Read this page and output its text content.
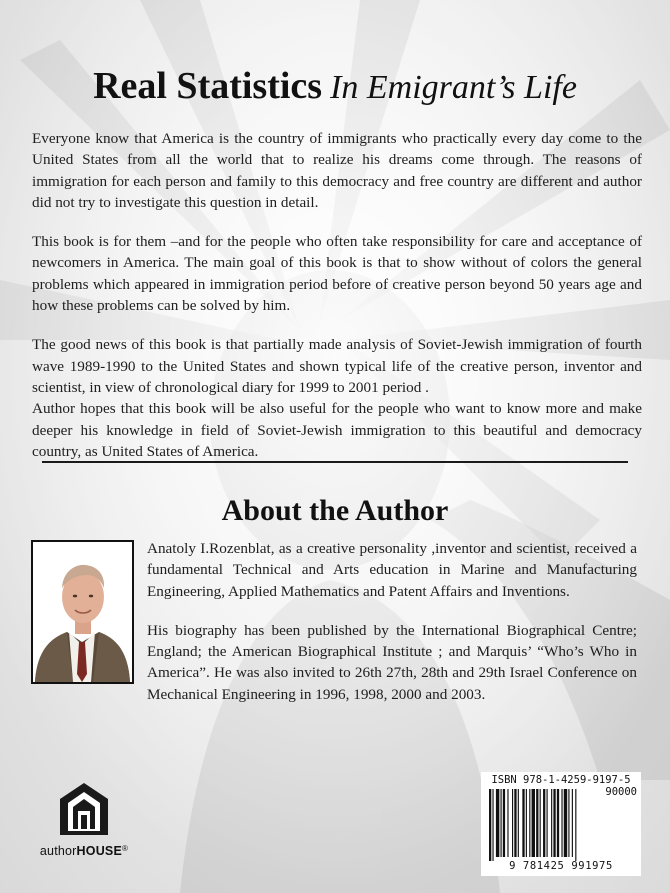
Real Statistics In Emigrant’s Life

Everyone know that America is the country of immigrants who practically every day come to the United States from all the world that to realize his dreams come through. The reasons of immigration for each person and family to this democracy and free country are different and author did not try to investigate this question in detail.

This book is for them –and for the people who often take responsibility for care and acceptance of newcomers in America. The main goal of this book is that to show without of colors the general problems which appeared in immigration period before of creative person beyond 50 years age and how these problems can be solved by him.

The good news of this book is that partially made analysis of Soviet-Jewish immigration of fourth wave 1989-1990 to the United States and shown typical life of the creative person, inventor and scientist, in view of chronological diary for 1999 to 2001 period .

Author hopes that this book will be also useful for the people who want to know more and make deeper his knowledge in field of Soviet-Jewish immigration to this beautiful and democracy country, as United States of America.

About the Author

Anatoly I.Rozenblat, as a creative personality ,inventor and scientist, received a fundamental Technical and Arts education in Marine and Manufacturing Engineering, Applied Mathematics and Patent Affairs and Inventions.

His biography has been published by the International Biographical Centre; England; the American Biographical Institute ; and Marquis’ “Who’s Who in America”. He was also invited to 26th 27th, 28th and 29th Israel Conference on Mechanical Engineering in 1996, 1998, 2000 and 2003.

authorHOUSE®
ISBN 978-1-4259-9197-5
90000
9 781425 991975
